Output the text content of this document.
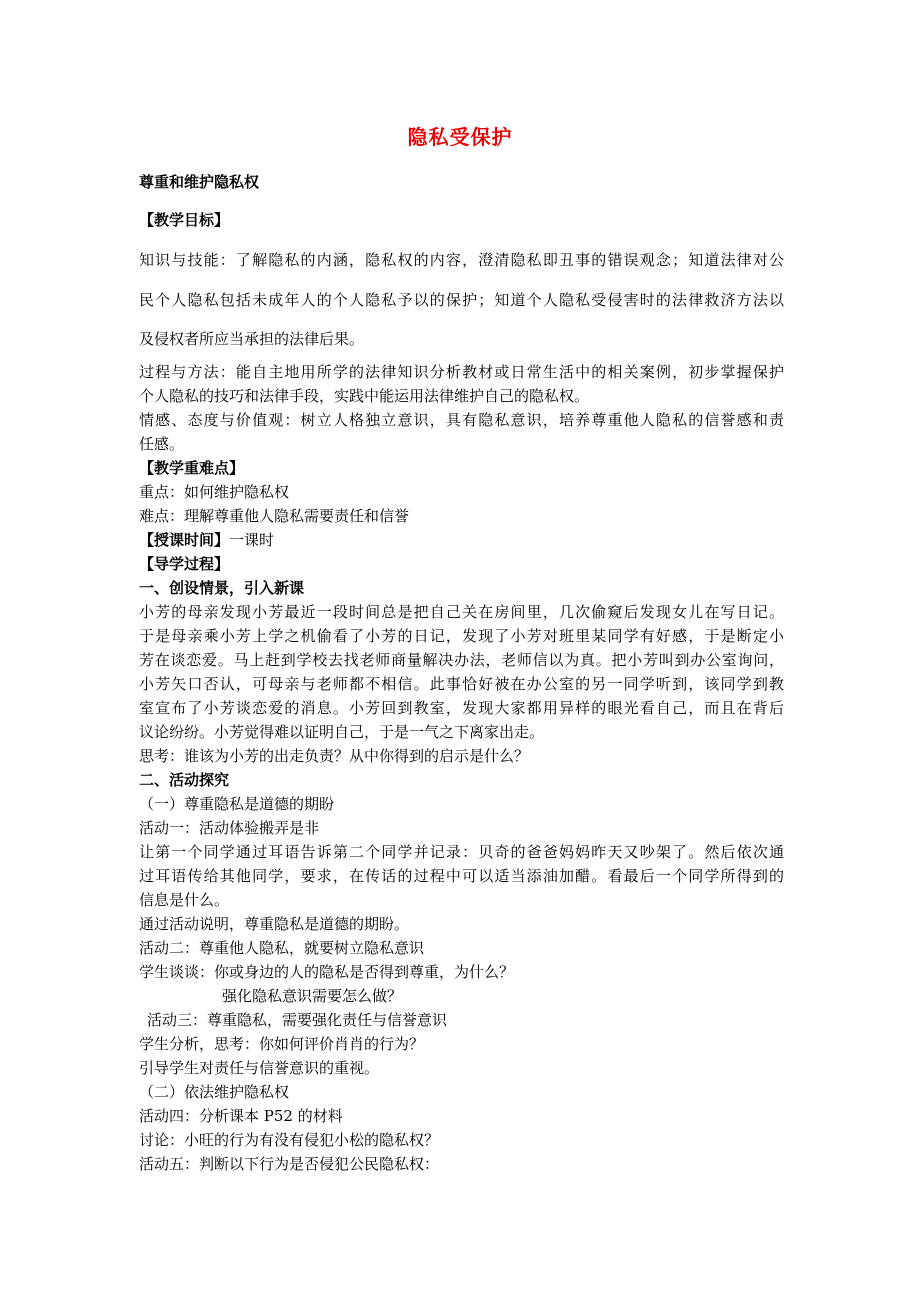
隐私受保护
尊重和维护隐私权
【教学目标】
知识与技能：了解隐私的内涵，隐私权的内容，澄清隐私即丑事的错误观念；知道法律对公
民个人隐私包括未成年人的个人隐私予以的保护；知道个人隐私受侵害时的法律救济方法以
及侵权者所应当承担的法律后果。
过程与方法：能自主地用所学的法律知识分析教材或日常生活中的相关案例，初步掌握保护
个人隐私的技巧和法律手段，实践中能运用法律维护自己的隐私权。
情感、态度与价值观：树立人格独立意识，具有隐私意识，培养尊重他人隐私的信誉感和责
任感。
【教学重难点】
重点：如何维护隐私权
难点：理解尊重他人隐私需要责任和信誉
【授课时间】一课时
【导学过程】
一、创设情景，引入新课
小芳的母亲发现小芳最近一段时间总是把自己关在房间里，几次偷窥后发现女儿在写日记。
于是母亲乘小芳上学之机偷看了小芳的日记，发现了小芳对班里某同学有好感，于是断定小
芳在谈恋爱。马上赶到学校去找老师商量解决办法，老师信以为真。把小芳叫到办公室询问，
小芳矢口否认，可母亲与老师都不相信。此事恰好被在办公室的另一同学听到，该同学到教
室宣布了小芳谈恋爱的消息。小芳回到教室，发现大家都用异样的眼光看自己，而且在背后
议论纷纷。小芳觉得难以证明自己，于是一气之下离家出走。
思考：谁该为小芳的出走负责？从中你得到的启示是什么？
二、活动探究
（一）尊重隐私是道德的期盼
活动一：活动体验搬弄是非
让第一个同学通过耳语告诉第二个同学并记录：贝奇的爸爸妈妈昨天又吵架了。然后依次通
过耳语传给其他同学，要求，在传话的过程中可以适当添油加醋。看最后一个同学所得到的
信息是什么。
通过活动说明，尊重隐私是道德的期盼。
活动二：尊重他人隐私，就要树立隐私意识
学生谈谈：你或身边的人的隐私是否得到尊重，为什么？
强化隐私意识需要怎么做？
活动三：尊重隐私，需要强化责任与信誉意识
学生分析，思考：你如何评价肖肖的行为？
引导学生对责任与信誉意识的重视。
（二）依法维护隐私权
活动四：分析课本 P52 的材料
讨论：小旺的行为有没有侵犯小松的隐私权？
活动五：判断以下行为是否侵犯公民隐私权：
